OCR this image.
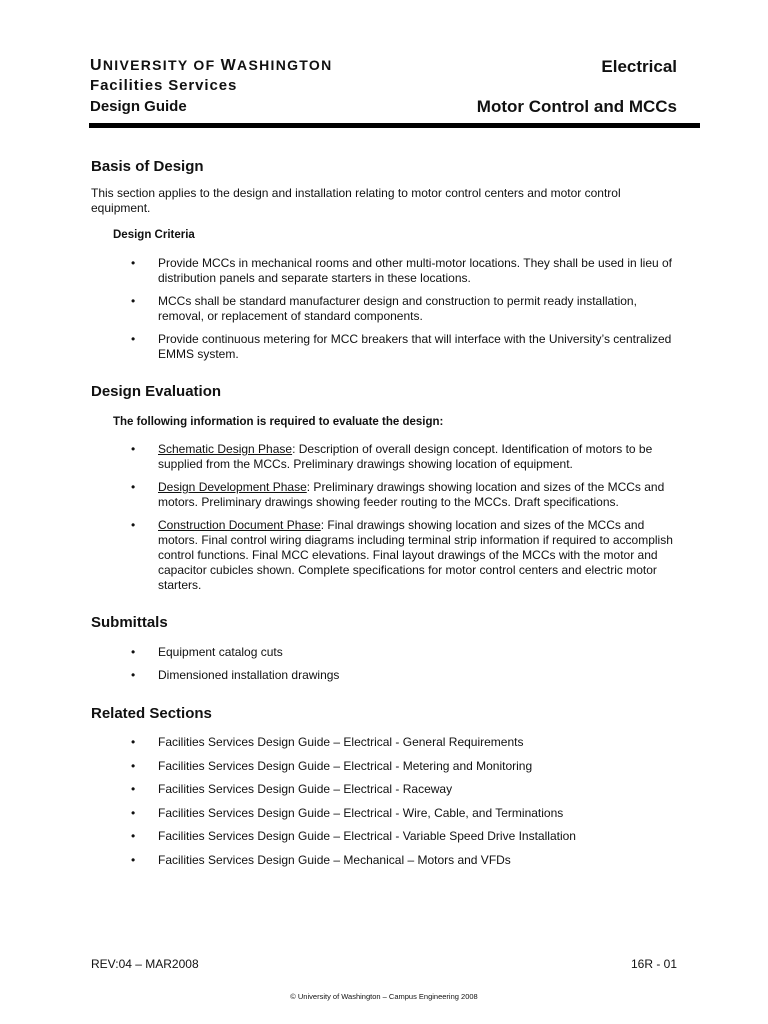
UNIVERSITY OF WASHINGTON
Facilities Services
Design Guide
Electrical
Motor Control and MCCs
Basis of Design
This section applies to the design and installation relating to motor control centers and motor control equipment.
Design Criteria
•	Provide MCCs in mechanical rooms and other multi-motor locations. They shall be used in lieu of distribution panels and separate starters in these locations.
•	MCCs shall be standard manufacturer design and construction to permit ready installation, removal, or replacement of standard components.
•	Provide continuous metering for MCC breakers that will interface with the University’s centralized EMMS system.
Design Evaluation
The following information is required to evaluate the design:
•	Schematic Design Phase: Description of overall design concept. Identification of motors to be supplied from the MCCs. Preliminary drawings showing location of equipment.
•	Design Development Phase: Preliminary drawings showing location and sizes of the MCCs and motors. Preliminary drawings showing feeder routing to the MCCs. Draft specifications.
•	Construction Document Phase: Final drawings showing location and sizes of the MCCs and motors. Final control wiring diagrams including terminal strip information if required to accomplish control functions. Final MCC elevations. Final layout drawings of the MCCs with the motor and capacitor cubicles shown. Complete specifications for motor control centers and electric motor starters.
Submittals
•	Equipment catalog cuts
•	Dimensioned installation drawings
Related Sections
•	Facilities Services Design Guide – Electrical - General Requirements
•	Facilities Services Design Guide – Electrical - Metering and Monitoring
•	Facilities Services Design Guide – Electrical - Raceway
•	Facilities Services Design Guide – Electrical - Wire, Cable, and Terminations
•	Facilities Services Design Guide – Electrical - Variable Speed Drive Installation
•	Facilities Services Design Guide – Mechanical – Motors and VFDs
REV:04 – MAR2008	16R - 01
© University of Washington – Campus Engineering 2008
